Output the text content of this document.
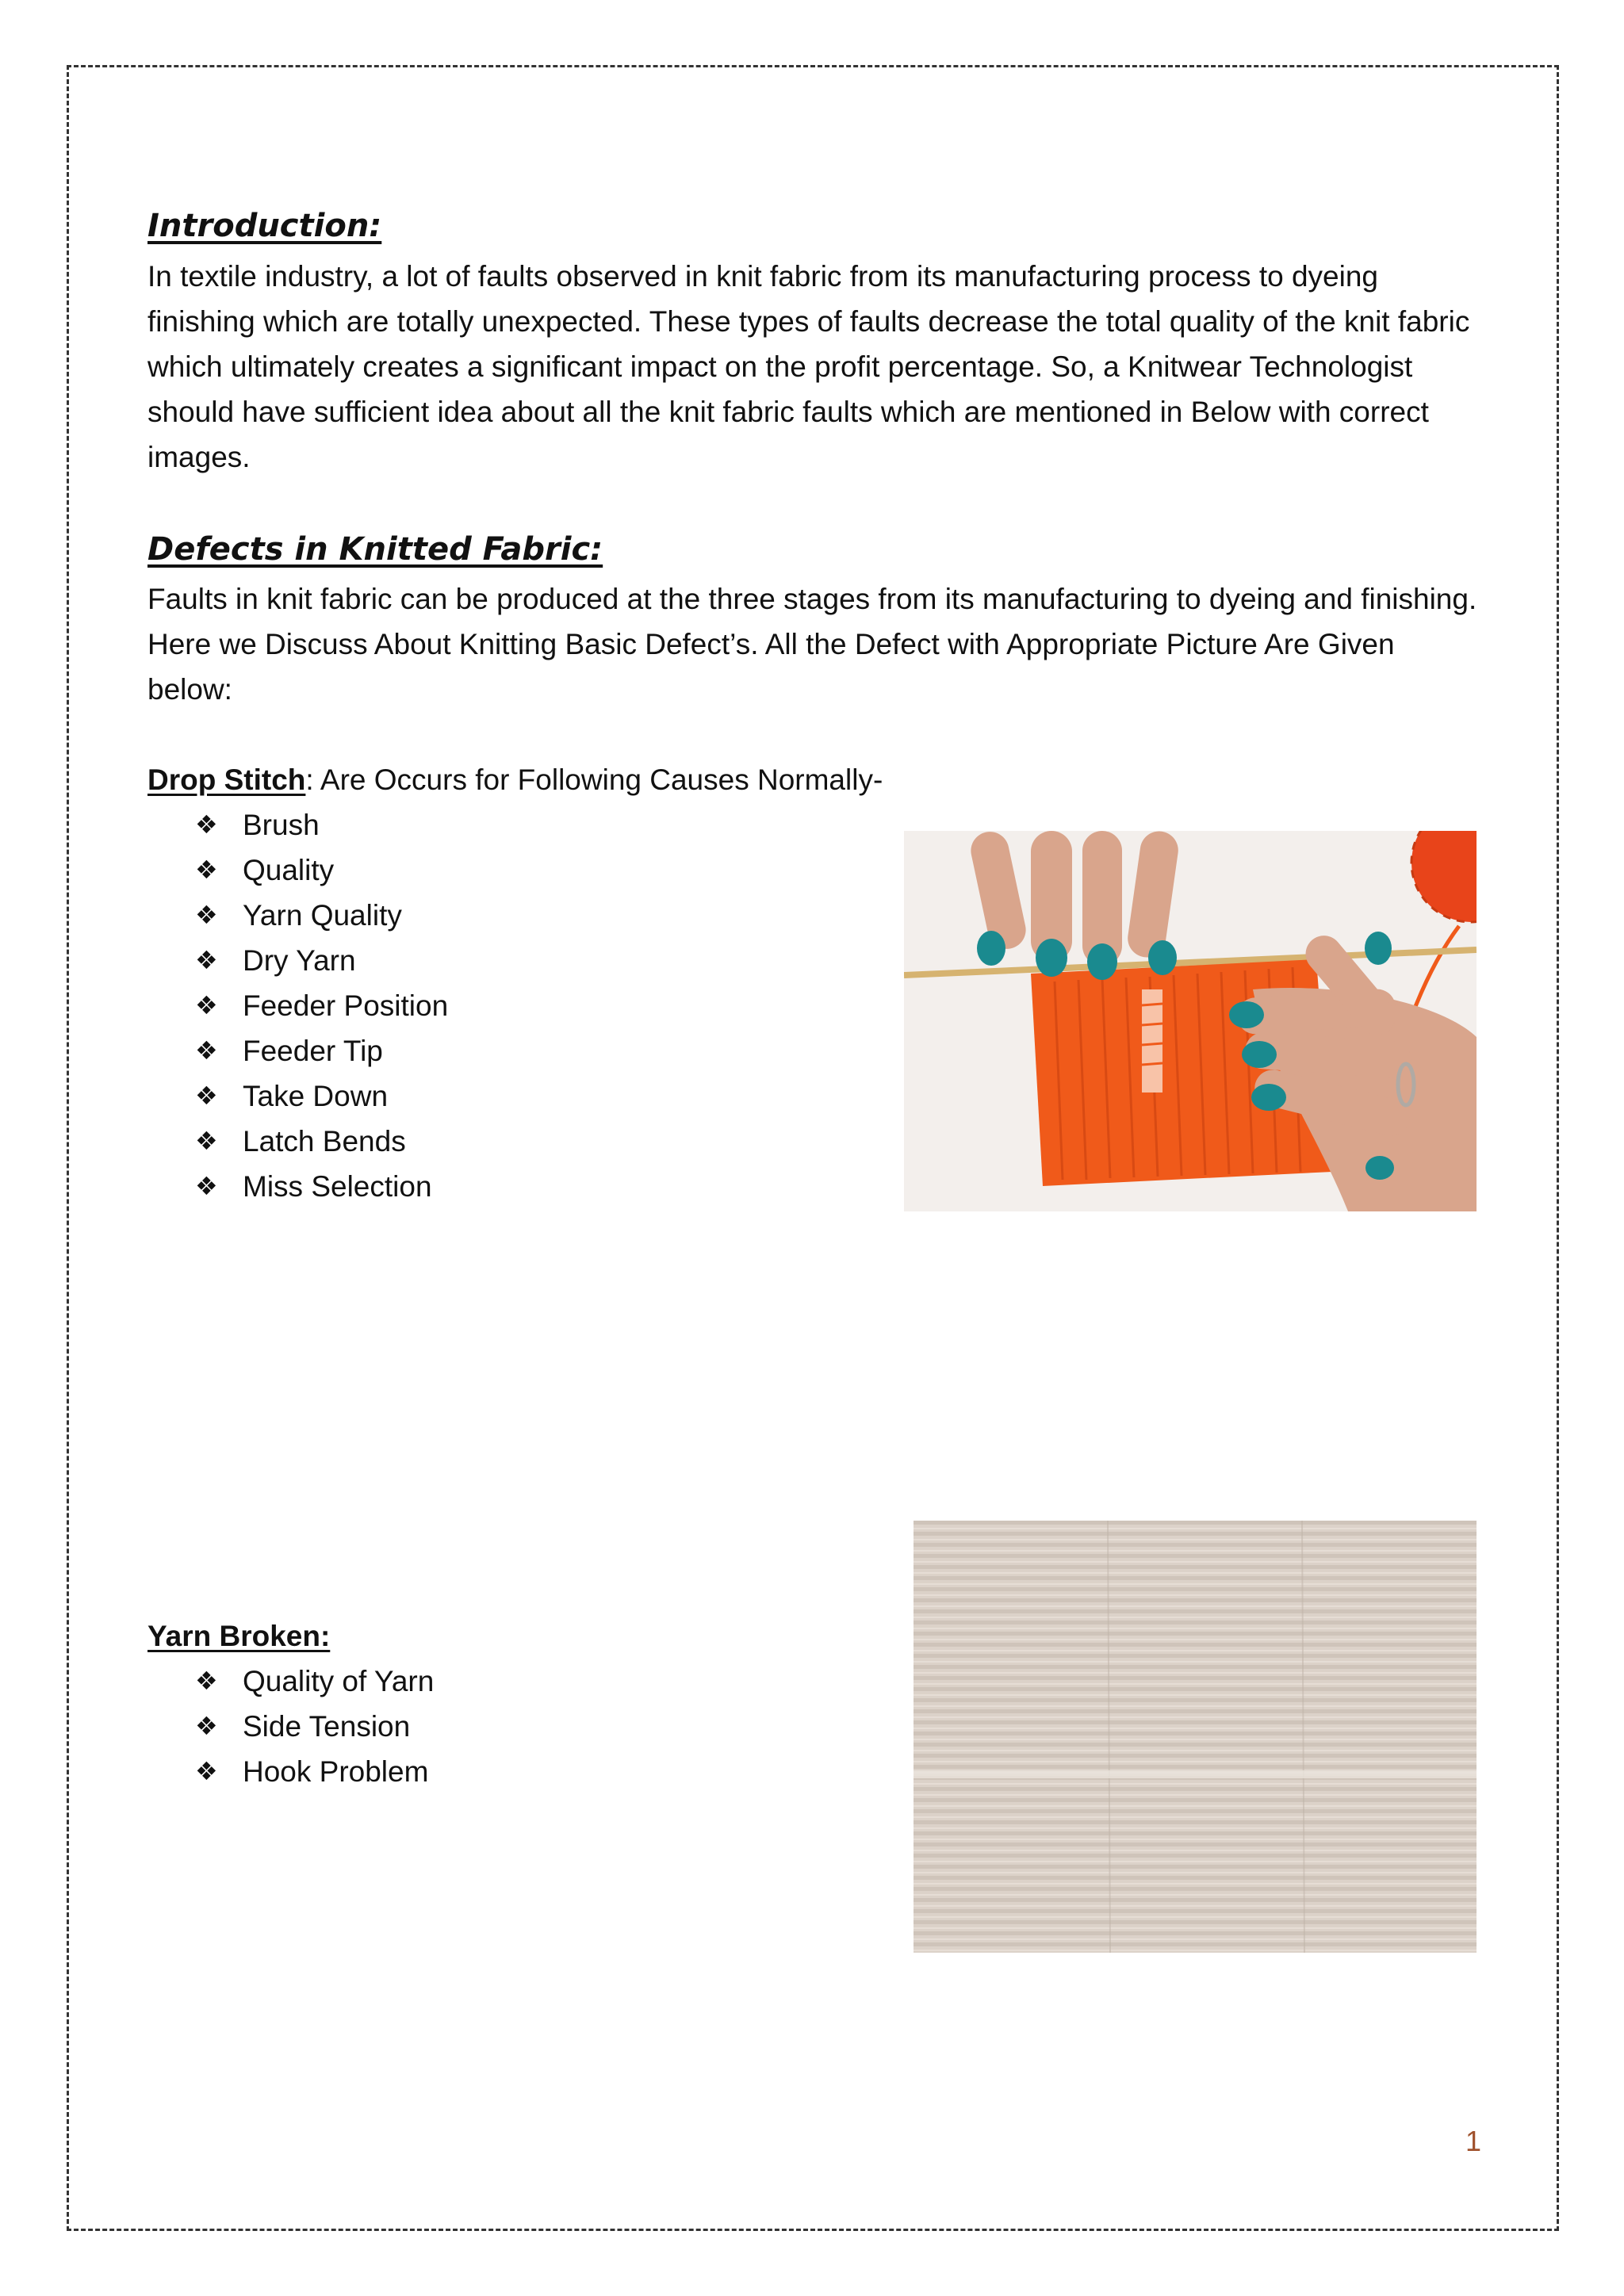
Introduction:

In textile industry, a lot of faults observed in knit fabric from its manufacturing process to dyeing finishing which are totally unexpected. These types of faults decrease the total quality of the knit fabric which ultimately creates a significant impact on the profit percentage. So, a Knitwear Technologist should have sufficient idea about all the knit fabric faults which are mentioned in Below with correct images.

Defects in Knitted Fabric:

Faults in knit fabric can be produced at the three stages from its manufacturing to dyeing and finishing. Here we Discuss About Knitting Basic Defect’s. All the Defect with Appropriate Picture Are Given below:

Drop Stitch: Are Occurs for Following Causes Normally-

❖ Brush
❖ Quality
❖ Yarn Quality
❖ Dry Yarn
❖ Feeder Position
❖ Feeder Tip
❖ Take Down
❖ Latch Bends
❖ Miss Selection

Yarn Broken:

❖ Quality of Yarn
❖ Side Tension
❖ Hook Problem
1
